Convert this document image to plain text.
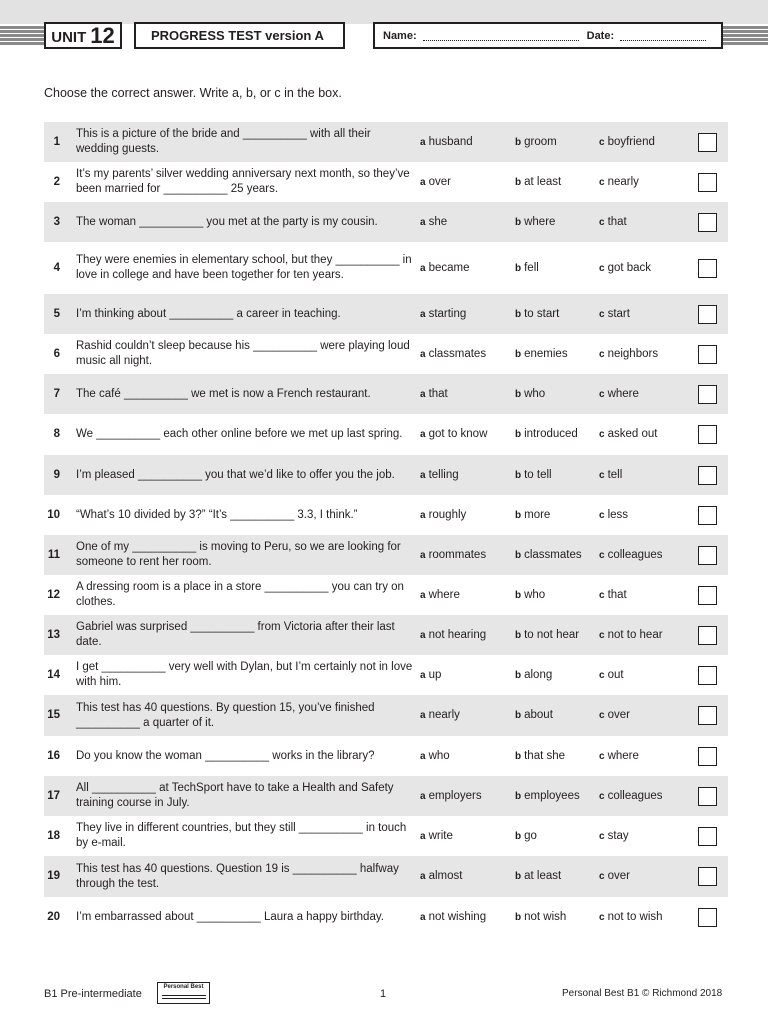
UNIT 12	PROGRESS TEST version A	Name:	Date:
Choose the correct answer. Write a, b, or c in the box.
1	This is a picture of the bride and __________ with all their wedding guests.	a husband	b groom	c boyfriend	

2	It’s my parents’ silver wedding anniversary next month, so they’ve been married for __________ 25 years.	a over	b at least	c nearly	

3	The woman __________ you met at the party is my cousin.	a she	b where	c that	

4	They were enemies in elementary school, but they __________ in love in college and have been together for ten years.	a became	b fell	c got back	

5	I’m thinking about __________ a career in teaching.	a starting	b to start	c start	

6	Rashid couldn’t sleep because his __________ were playing loud music all night.	a classmates	b enemies	c neighbors	

7	The café __________ we met is now a French restaurant.	a that	b who	c where	

8	We __________ each other online before we met up last spring.	a got to know	b introduced	c asked out	

9	I’m pleased __________ you that we’d like to offer you the job.	a telling	b to tell	c tell	

10	“What’s 10 divided by 3?” “It’s __________ 3.3, I think.”	a roughly	b more	c less	

11	One of my __________ is moving to Peru, so we are looking for someone to rent her room.	a roommates	b classmates	c colleagues	

12	A dressing room is a place in a store __________ you can try on clothes.	a where	b who	c that	

13	Gabriel was surprised __________ from Victoria after their last date.	a not hearing	b to not hear	c not to hear	

14	I get __________ very well with Dylan, but I’m certainly not in love with him.	a up	b along	c out	

15	This test has 40 questions. By question 15, you’ve finished __________ a quarter of it.	a nearly	b about	c over	

16	Do you know the woman __________ works in the library?	a who	b that she	c where	

17	All __________ at TechSport have to take a Health and Safety training course in July.	a employers	b employees	c colleagues	

18	They live in different countries, but they still __________ in touch by e-mail.	a write	b go	c stay	

19	This test has 40 questions. Question 19 is __________ halfway through the test.	a almost	b at least	c over	

20	I’m embarrassed about __________ Laura a happy birthday.	a not wishing	b not wish	c not to wish	
B1 Pre-intermediate
Personal Best
1	Personal Best B1 © Richmond 2018
